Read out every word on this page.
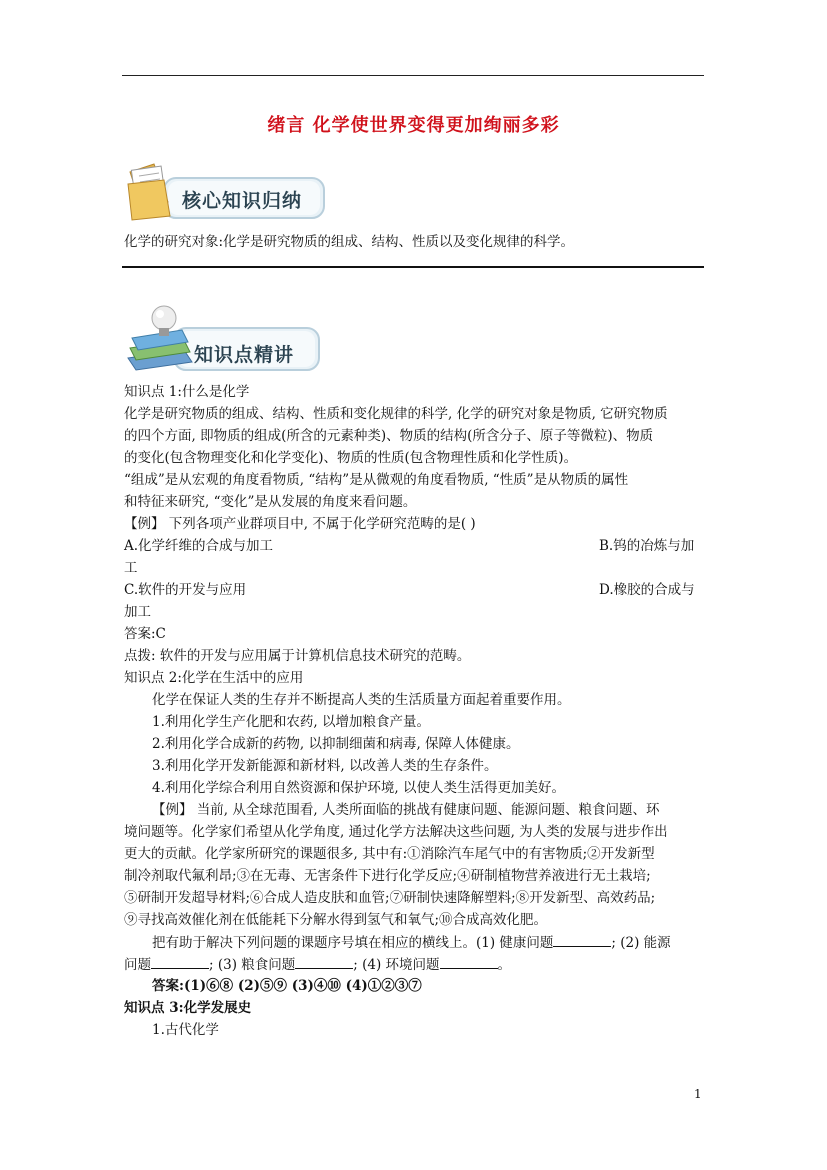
绪言 化学使世界变得更加绚丽多彩
核心知识归纳
化学的研究对象:化学是研究物质的组成、结构、性质以及变化规律的科学。
知识点精讲
知识点 1:什么是化学
化学是研究物质的组成、结构、性质和变化规律的科学, 化学的研究对象是物质, 它研究物质
的四个方面, 即物质的组成(所含的元素种类)、物质的结构(所含分子、原子等微粒)、物质
的变化(包含物理变化和化学变化)、物质的性质(包含物理性质和化学性质)。
“组成”是从宏观的角度看物质, “结构”是从微观的角度看物质, “性质”是从物质的属性
和特征来研究, “变化”是从发展的角度来看问题。
【例】 下列各项产业群项目中, 不属于化学研究范畴的是( )
A.化学纤维的合成与加工	B.钨的冶炼与加
工
C.软件的开发与应用	D.橡胶的合成与
加工
答案:C
点拨: 软件的开发与应用属于计算机信息技术研究的范畴。
知识点 2:化学在生活中的应用
化学在保证人类的生存并不断提高人类的生活质量方面起着重要作用。
1.利用化学生产化肥和农药, 以增加粮食产量。
2.利用化学合成新的药物, 以抑制细菌和病毒, 保障人体健康。
3.利用化学开发新能源和新材料, 以改善人类的生存条件。
4.利用化学综合利用自然资源和保护环境, 以使人类生活得更加美好。
【例】 当前, 从全球范围看, 人类所面临的挑战有健康问题、能源问题、粮食问题、环
境问题等。化学家们希望从化学角度, 通过化学方法解决这些问题, 为人类的发展与进步作出
更大的贡献。化学家所研究的课题很多, 其中有:①消除汽车尾气中的有害物质;②开发新型
制冷剂取代氟利昂;③在无毒、无害条件下进行化学反应;④研制植物营养液进行无土栽培;
⑤研制开发超导材料;⑥合成人造皮肤和血管;⑦研制快速降解塑料;⑧开发新型、高效药品;
⑨寻找高效催化剂在低能耗下分解水得到氢气和氧气;⑩合成高效化肥。
把有助于解决下列问题的课题序号填在相应的横线上。(1) 健康问题	; (2) 能源
问题	; (3) 粮食问题	; (4) 环境问题	。
答案:(1)⑥⑧ (2)⑤⑨ (3)④⑩ (4)①②③⑦
知识点 3:化学发展史
1.古代化学
1
